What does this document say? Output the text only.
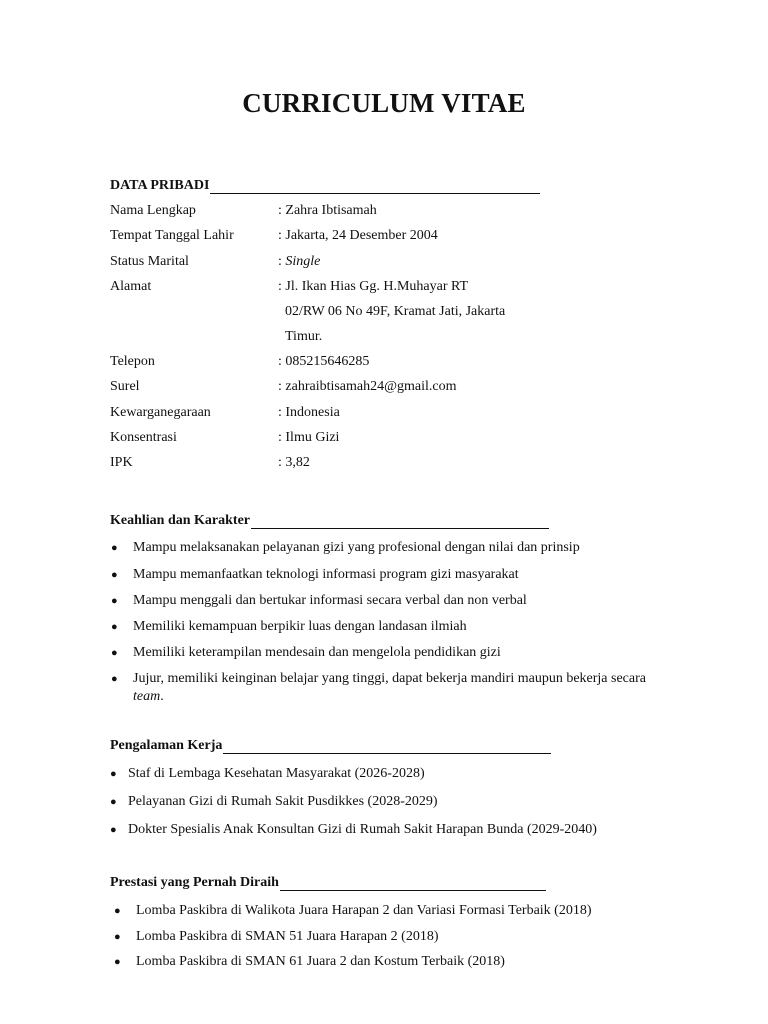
CURRICULUM VITAE
DATA PRIBADI
Nama Lengkap	: Zahra Ibtisamah
Tempat Tanggal Lahir	: Jakarta, 24 Desember 2004
Status Marital	: Single
Alamat	: Jl. Ikan Hias Gg. H.Muhayar RT
02/RW 06 No 49F, Kramat Jati, Jakarta
Timur.
Telepon	: 085215646285
Surel	: zahraibtisamah24@gmail.com
Kewarganegaraan	: Indonesia
Konsentrasi	: Ilmu Gizi
IPK	: 3,82
Keahlian dan Karakter
● Mampu melaksanakan pelayanan gizi yang profesional dengan nilai dan prinsip
● Mampu memanfaatkan teknologi informasi program gizi masyarakat
● Mampu menggali dan bertukar informasi secara verbal dan non verbal
● Memiliki kemampuan berpikir luas dengan landasan ilmiah
● Memiliki keterampilan mendesain dan mengelola pendidikan gizi
● Jujur, memiliki keinginan belajar yang tinggi, dapat bekerja mandiri maupun bekerja secara
team.
Pengalaman Kerja
● Staf di Lembaga Kesehatan Masyarakat (2026-2028)
● Pelayanan Gizi di Rumah Sakit Pusdikkes (2028-2029)
● Dokter Spesialis Anak Konsultan Gizi di Rumah Sakit Harapan Bunda (2029-2040)
Prestasi yang Pernah Diraih
● Lomba Paskibra di Walikota Juara Harapan 2 dan Variasi Formasi Terbaik (2018)
● Lomba Paskibra di SMAN 51 Juara Harapan 2 (2018)
● Lomba Paskibra di SMAN 61 Juara 2 dan Kostum Terbaik (2018)
